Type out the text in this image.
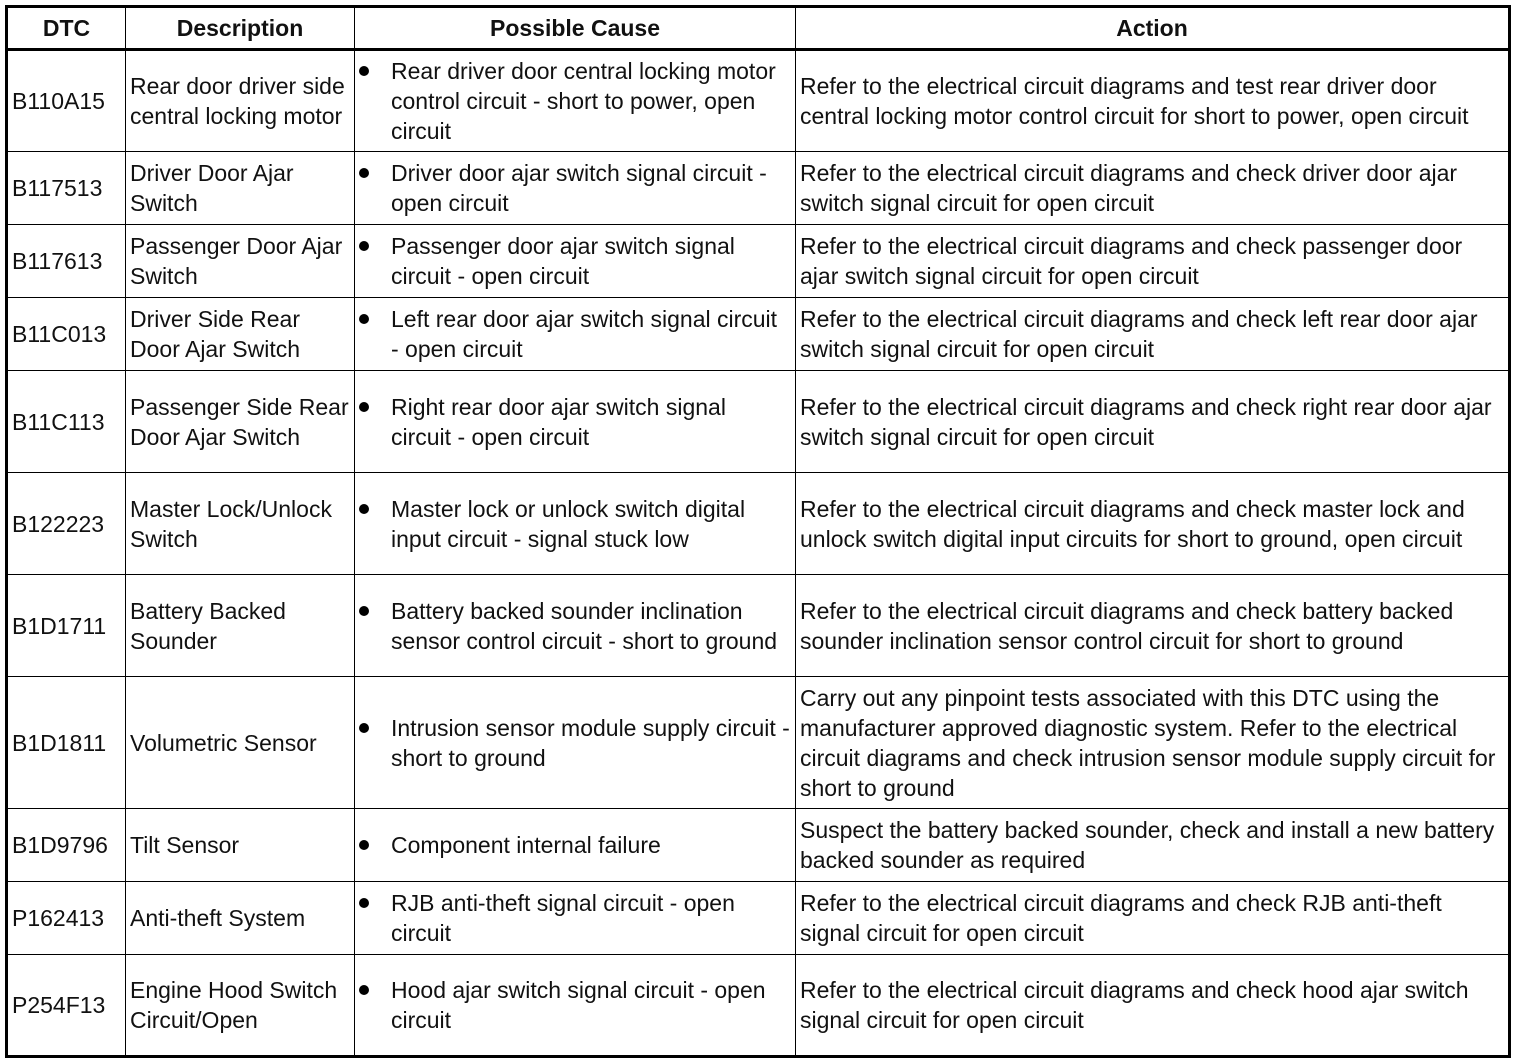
DTC	Description	Possible Cause	Action
B110A15	Rear door driver side central locking motor	Rear driver door central locking motor control circuit - short to power, open circuit	Refer to the electrical circuit diagrams and test rear driver door central locking motor control circuit for short to power, open circuit
B117513	Driver Door Ajar Switch	Driver door ajar switch signal circuit - open circuit	Refer to the electrical circuit diagrams and check driver door ajar switch signal circuit for open circuit
B117613	Passenger Door Ajar Switch	Passenger door ajar switch signal circuit - open circuit	Refer to the electrical circuit diagrams and check passenger door ajar switch signal circuit for open circuit
B11C013	Driver Side Rear Door Ajar Switch	Left rear door ajar switch signal circuit - open circuit	Refer to the electrical circuit diagrams and check left rear door ajar switch signal circuit for open circuit
B11C113	Passenger Side Rear Door Ajar Switch	Right rear door ajar switch signal circuit - open circuit	Refer to the electrical circuit diagrams and check right rear door ajar switch signal circuit for open circuit
B122223	Master Lock/Unlock Switch	Master lock or unlock switch digital input circuit - signal stuck low	Refer to the electrical circuit diagrams and check master lock and unlock switch digital input circuits for short to ground, open circuit
B1D1711	Battery Backed Sounder	Battery backed sounder inclination sensor control circuit - short to ground	Refer to the electrical circuit diagrams and check battery backed sounder inclination sensor control circuit for short to ground
B1D1811	Volumetric Sensor	Intrusion sensor module supply circuit - short to ground	Carry out any pinpoint tests associated with this DTC using the manufacturer approved diagnostic system. Refer to the electrical circuit diagrams and check intrusion sensor module supply circuit for short to ground
B1D9796	Tilt Sensor	Component internal failure	Suspect the battery backed sounder, check and install a new battery backed sounder as required
P162413	Anti-theft System	RJB anti-theft signal circuit - open circuit	Refer to the electrical circuit diagrams and check RJB anti-theft signal circuit for open circuit
P254F13	Engine Hood Switch Circuit/Open	Hood ajar switch signal circuit - open circuit	Refer to the electrical circuit diagrams and check hood ajar switch signal circuit for open circuit
